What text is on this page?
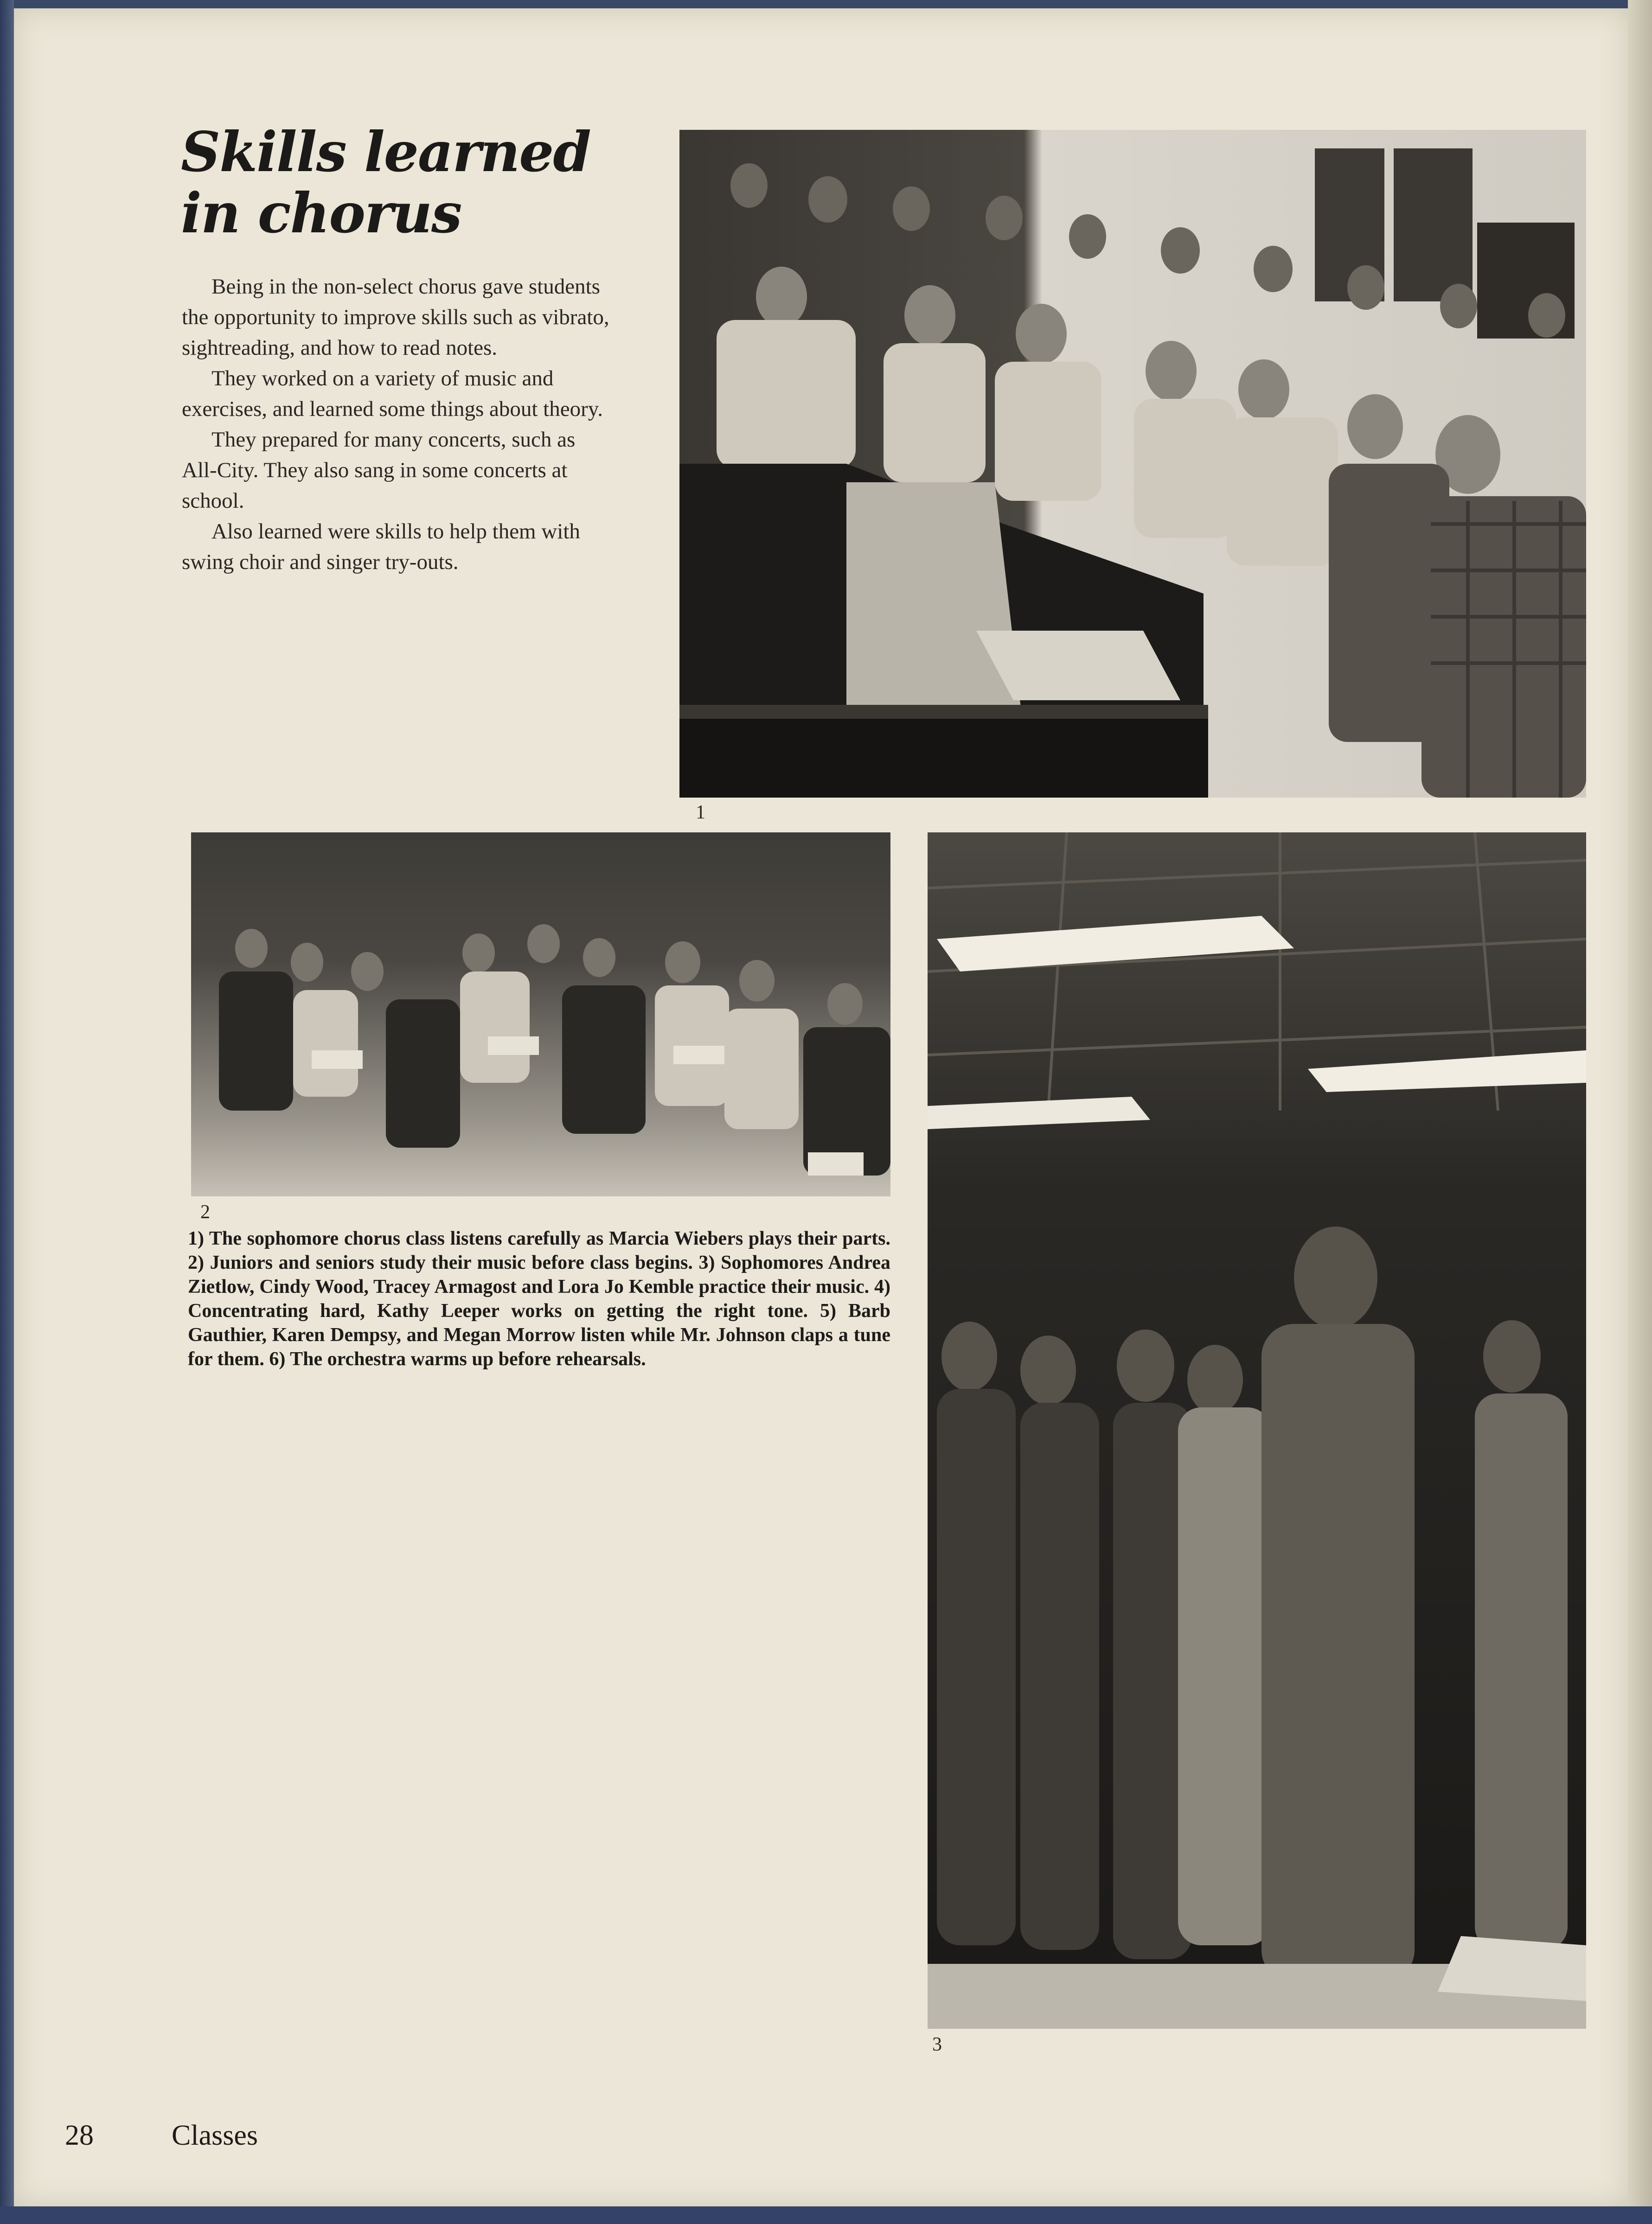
Skills learned in chorus

Being in the non-select chorus gave students the opportunity to improve skills such as vibrato, sightreading, and how to read notes.

They worked on a variety of music and exercises, and learned some things about theory.

They prepared for many concerts, such as All-City. They also sang in some concerts at school.

Also learned were skills to help them with swing choir and singer try-outs.

1
2
3
1) The sophomore chorus class listens carefully as Marcia Wiebers plays their parts. 2) Juniors and seniors study their music before class begins. 3) Sophomores Andrea Zietlow, Cindy Wood, Tracey Armagost and Lora Jo Kemble practice their music. 4) Concentrating hard, Kathy Leeper works on getting the right tone. 5) Barb Gauthier, Karen Dempsy, and Megan Morrow listen while Mr. Johnson claps a tune for them. 6) The orchestra warms up before rehearsals.
28	Classes
